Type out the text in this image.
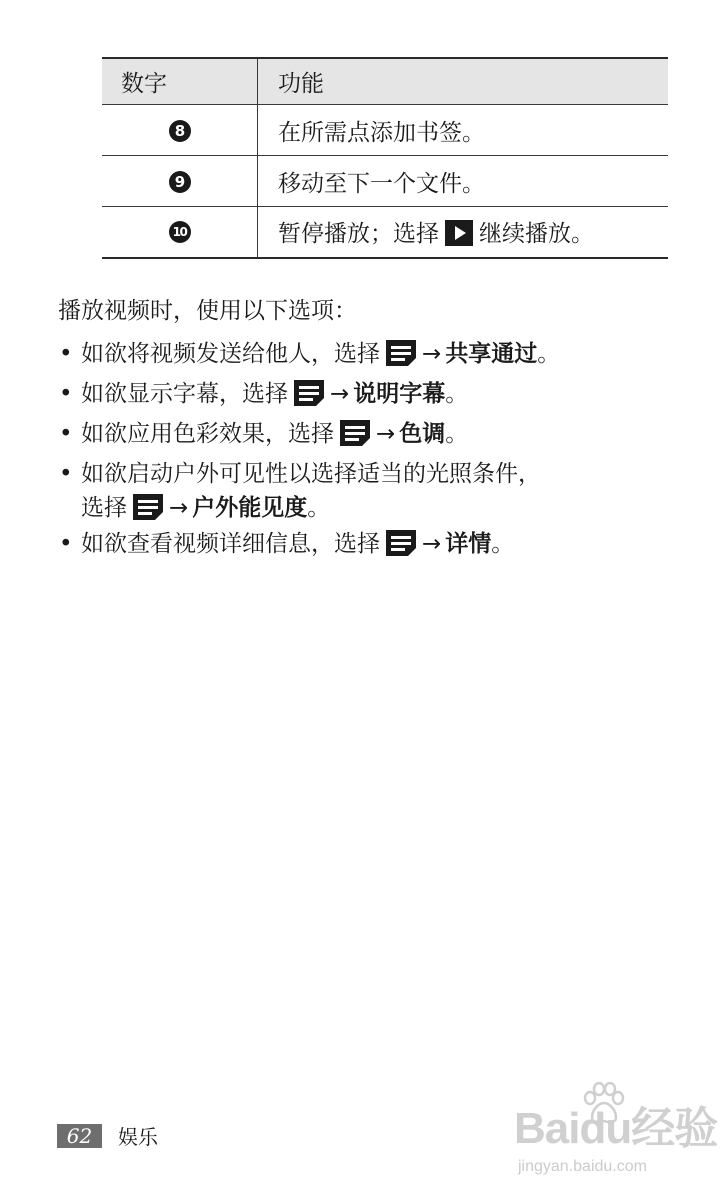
数字	功能
8	在所需点添加书签。
9	移动至下一个文件。
10	暂停播放；选择 继续播放。

播放视频时，使用以下选项：

• 如欲将视频发送给他人，选择 → 共享通过。
• 如欲显示字幕，选择 → 说明字幕。
• 如欲应用色彩效果，选择 → 色调。
• 如欲启动户外可见性以选择适当的光照条件，
选择 → 户外能见度。
• 如欲查看视频详细信息，选择 → 详情。
62	娱乐	Baidu经验
jingyan.baidu.com
